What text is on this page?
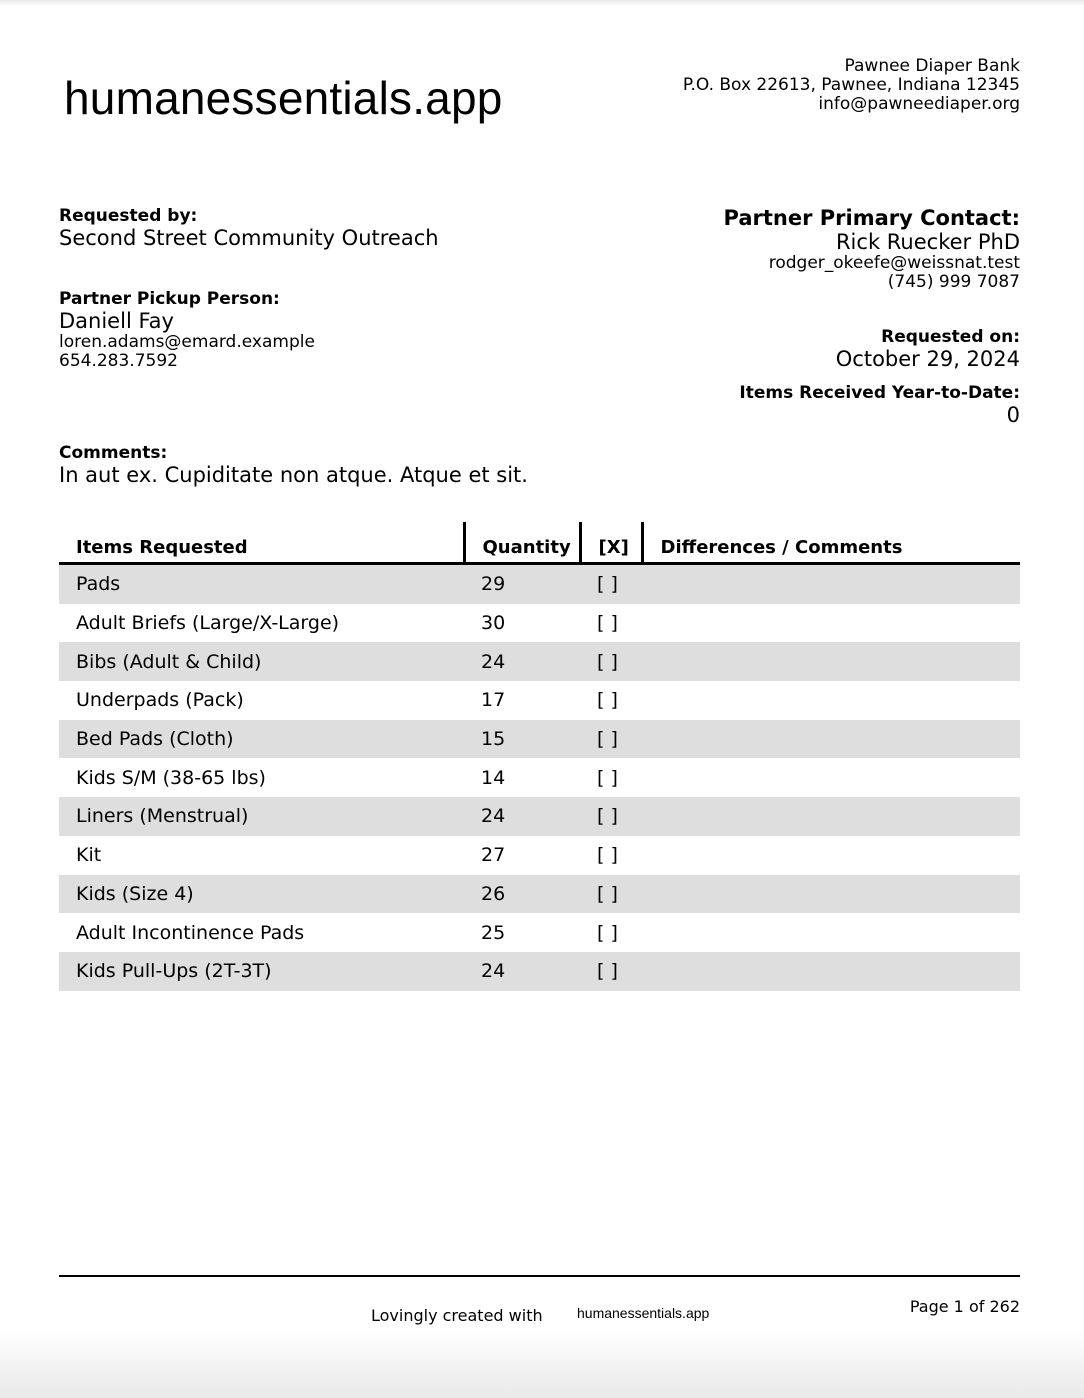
humanessentials.app
Pawnee Diaper Bank
P.O. Box 22613, Pawnee, Indiana 12345
info@pawneediaper.org
Requested by:
Second Street Community Outreach
Partner Pickup Person:
Daniell Fay
loren.adams@emard.example
654.283.7592
Partner Primary Contact:
Rick Ruecker PhD
rodger_okeefe@weissnat.test
(745) 999 7087
Requested on:
October 29, 2024
Items Received Year-to-Date:
0
Comments:
In aut ex. Cupiditate non atque. Atque et sit.
Items Requested	Quantity	[X]	Differences / Comments
Pads	29	[ ]	
Adult Briefs (Large/X-Large)	30	[ ]	
Bibs (Adult & Child)	24	[ ]	
Underpads (Pack)	17	[ ]	
Bed Pads (Cloth)	15	[ ]	
Kids S/M (38-65 lbs)	14	[ ]	
Liners (Menstrual)	24	[ ]	
Kit	27	[ ]	
Kids (Size 4)	26	[ ]	
Adult Incontinence Pads	25	[ ]	
Kids Pull-Ups (2T-3T)	24	[ ]	
Lovingly created with humanessentials.app	Page 1 of 262
